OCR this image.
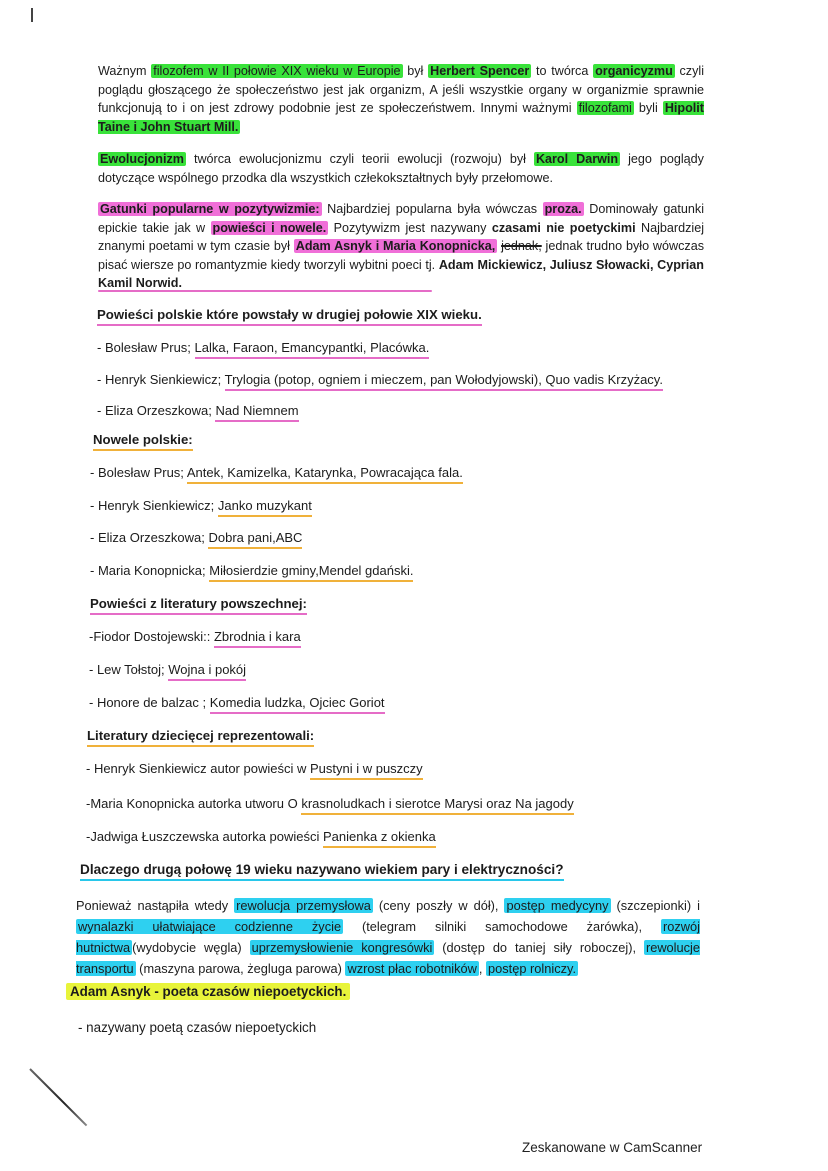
Ważnym filozofem w II połowie XIX wieku w Europie był Herbert Spencer to twórca organicyzmu czyli poglądu głoszącego że społeczeństwo jest jak organizm, A jeśli wszystkie organy w organizmie sprawnie funkcjonują to i on jest zdrowy podobnie jest ze społeczeństwem. Innymi ważnymi filozofami byli Hipolit Taine i John Stuart Mill.

Ewolucjonizm twórca ewolucjonizmu czyli teorii ewolucji (rozwoju) był Karol Darwin jego poglądy dotyczące wspólnego przodka dla wszystkich człekokształtnych były przełomowe.

Gatunki popularne w pozytywizmie: Najbardziej popularna była wówczas proza. Dominowały gatunki epickie takie jak w powieści i nowele. Pozytywizm jest nazywany czasami nie poetyckimi Najbardziej znanymi poetami w tym czasie był Adam Asnyk i Maria Konopnicka, jednak, jednak trudno było wówczas pisać wiersze po romantyzmie kiedy tworzyli wybitni poeci tj. Adam Mickiewicz, Juliusz Słowacki, Cyprian Kamil Norwid.

Powieści polskie które powstały w drugiej połowie XIX wieku.

- Bolesław Prus; Lalka, Faraon, Emancypantki, Placówka.

- Henryk Sienkiewicz; Trylogia (potop, ogniem i mieczem, pan Wołodyjowski), Quo vadis Krzyżacy.

- Eliza Orzeszkowa; Nad Niemnem

Nowele polskie:

- Bolesław Prus; Antek, Kamizelka, Katarynka, Powracająca fala.

- Henryk Sienkiewicz; Janko muzykant

- Eliza Orzeszkowa; Dobra pani,ABC

- Maria Konopnicka; Miłosierdzie gminy,Mendel gdański.

Powieści z literatury powszechnej:

-Fiodor Dostojewski:: Zbrodnia i kara

- Lew Tołstoj; Wojna i pokój

- Honore de balzac ; Komedia ludzka, Ojciec Goriot

Literatury dziecięcej reprezentowali:

- Henryk Sienkiewicz autor powieści w Pustyni i w puszczy

-Maria Konopnicka autorka utworu O krasnoludkach i sierotce Marysi oraz Na jagody

-Jadwiga Łuszczewska autorka powieści Panienka z okienka

Dlaczego drugą połowę 19 wieku nazywano wiekiem pary i elektryczności?

Ponieważ nastąpiła wtedy rewolucja przemysłowa (ceny poszły w dół), postęp medycyny (szczepionki) i wynalazki ułatwiające codzienne życie (telegram silniki samochodowe żarówka), rozwój hutnictwa (wydobycie węgla) uprzemysłowienie kongresówki (dostęp do taniej siły roboczej), rewolucje transportu (maszyna parowa, żegluga parowa) wzrost płac robotników , postęp rolniczy.

Adam Asnyk - poeta czasów niepoetyckich.

- nazywany poetą czasów niepoetyckich

Zeskanowane w CamScanner
